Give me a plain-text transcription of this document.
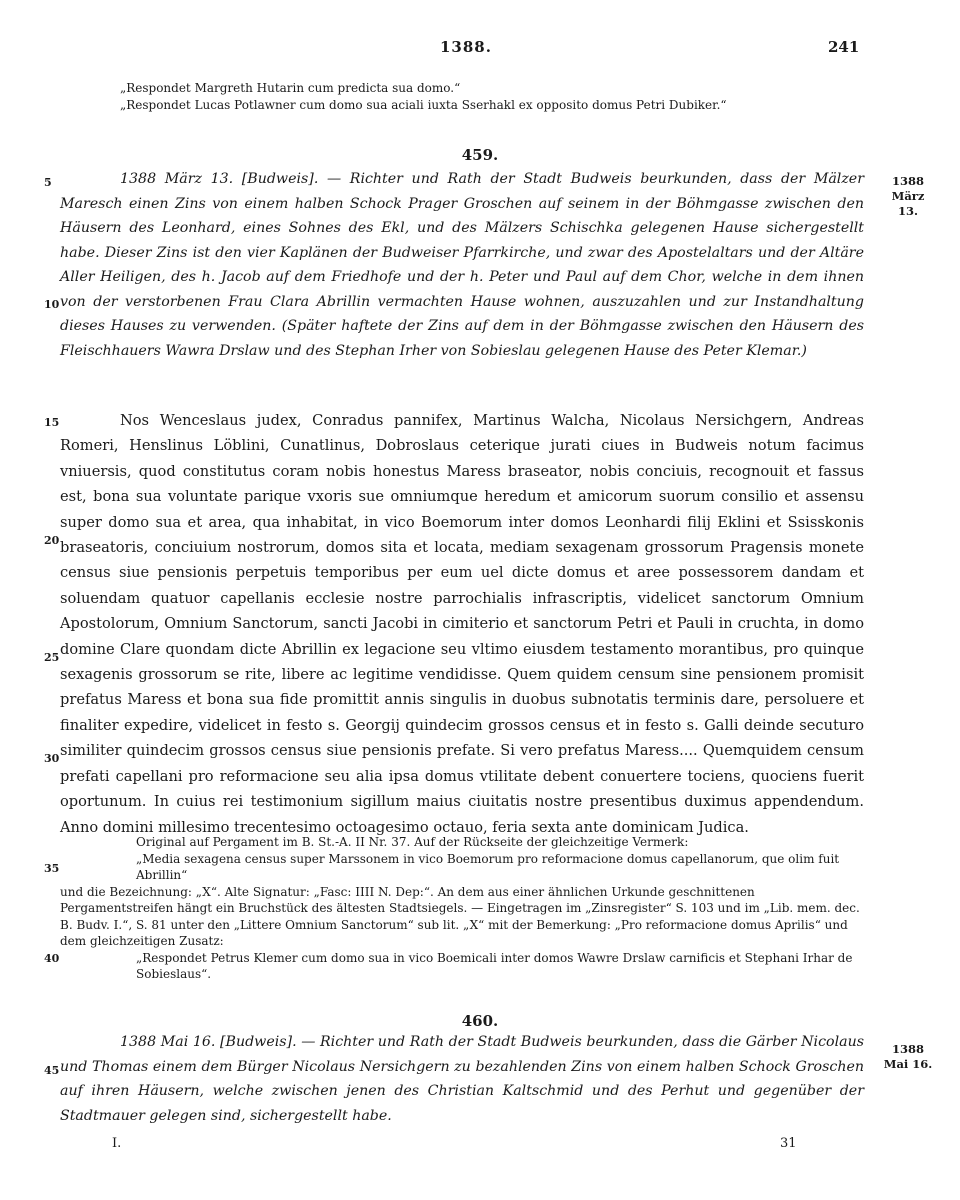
1388.	241

„Respondet Margreth Hutarin cum predicta sua domo.“

„Respondet Lucas Potlawner cum domo sua aciali iuxta Sserhakl ex opposito domus Petri Dubiker.“

459.
1388 März 13.

1388 März 13. [Budweis]. — Richter und Rath der Stadt Budweis beurkunden, dass der Mälzer Maresch einen Zins von einem halben Schock Prager Groschen auf seinem in der Böhmgasse zwischen den Häusern des Leonhard, eines Sohnes des Ekl, und des Mälzers Schischka gelegenen Hause sichergestellt habe. Dieser Zins ist den vier Kaplänen der Budweiser Pfarrkirche, und zwar des Apostelaltars und der Altäre Aller Heiligen, des h. Jacob auf dem Friedhofe und der h. Peter und Paul auf dem Chor, welche in dem ihnen von der verstorbenen Frau Clara Abrillin vermachten Hause wohnen, auszuzahlen und zur Instandhaltung dieses Hauses zu verwenden. (Später haftete der Zins auf dem in der Böhmgasse zwischen den Häusern des Fleischhauers Wawra Drslaw und des Stephan Irher von Sobieslau gelegenen Hause des Peter Klemar.)

Nos Wenceslaus judex, Conradus pannifex, Martinus Walcha, Nicolaus Nersichgern, Andreas Romeri, Henslinus Löblini, Cunatlinus, Dobroslaus ceterique jurati ciues in Budweis notum facimus vniuersis, quod constitutus coram nobis honestus Maress braseator, nobis conciuis, recognouit et fassus est, bona sua voluntate parique vxoris sue omniumque heredum et amicorum suorum consilio et assensu super domo sua et area, qua inhabitat, in vico Boemorum inter domos Leonhardi filij Eklini et Ssisskonis braseatoris, conciuium nostrorum, domos sita et locata, mediam sexagenam grossorum Pragensis monete census siue pensionis perpetuis temporibus per eum uel dicte domus et aree possessorem dandam et soluendam quatuor capellanis ecclesie nostre parrochialis infrascriptis, videlicet sanctorum Omnium Apostolorum, Omnium Sanctorum, sancti Jacobi in cimiterio et sanctorum Petri et Pauli in cruchta, in domo domine Clare quondam dicte Abrillin ex legacione seu vltimo eiusdem testamento morantibus, pro quinque sexagenis grossorum se rite, libere ac legitime vendidisse. Quem quidem censum sine pensionem promisit prefatus Maress et bona sua fide promittit annis singulis in duobus subnotatis terminis dare, persoluere et finaliter expedire, videlicet in festo s. Georgij quindecim grossos census et in festo s. Galli deinde secuturo similiter quindecim grossos census siue pensionis prefate. Si vero prefatus Maress.... Quemquidem censum prefati capellani pro reformacione seu alia ipsa domus vtilitate debent conuertere tociens, quociens fuerit oportunum. In cuius rei testimonium sigillum maius ciuitatis nostre presentibus duximus appendendum. Anno domini millesimo trecentesimo octoagesimo octauo, feria sexta ante dominicam Judica.

Original auf Pergament im B. St.-A. II Nr. 37. Auf der Rückseite der gleichzeitige Vermerk:

„Media sexagena census super Marssonem in vico Boemorum pro reformacione domus capellanorum, que olim fuit Abrillin“

und die Bezeichnung: „X“. Alte Signatur: „Fasc: IIII N. Dep:“. An dem aus einer ähnlichen Urkunde geschnittenen Pergamentstreifen hängt ein Bruchstück des ältesten Stadtsiegels. — Eingetragen im „Zinsregister“ S. 103 und im „Lib. mem. dec. B. Budv. I.“, S. 81 unter den „Littere Omnium Sanctorum“ sub lit. „X“ mit der Bemerkung: „Pro reformacione domus Aprilis“ und dem gleichzeitigen Zusatz:

„Respondet Petrus Klemer cum domo sua in vico Boemicali inter domos Wawre Drslaw carnificis et Stephani Irhar de Sobieslaus“.

460.
1388 Mai 16.

1388 Mai 16. [Budweis]. — Richter und Rath der Stadt Budweis beurkunden, dass die Gärber Nicolaus und Thomas einem dem Bürger Nicolaus Nersichgern zu bezahlenden Zins von einem halben Schock Groschen auf ihren Häusern, welche zwischen jenen des Christian Kaltschmid und des Perhut und gegenüber der Stadtmauer gelegen sind, sichergestellt habe.

5
10
15
20
25
30
35
40
45
I.	31
